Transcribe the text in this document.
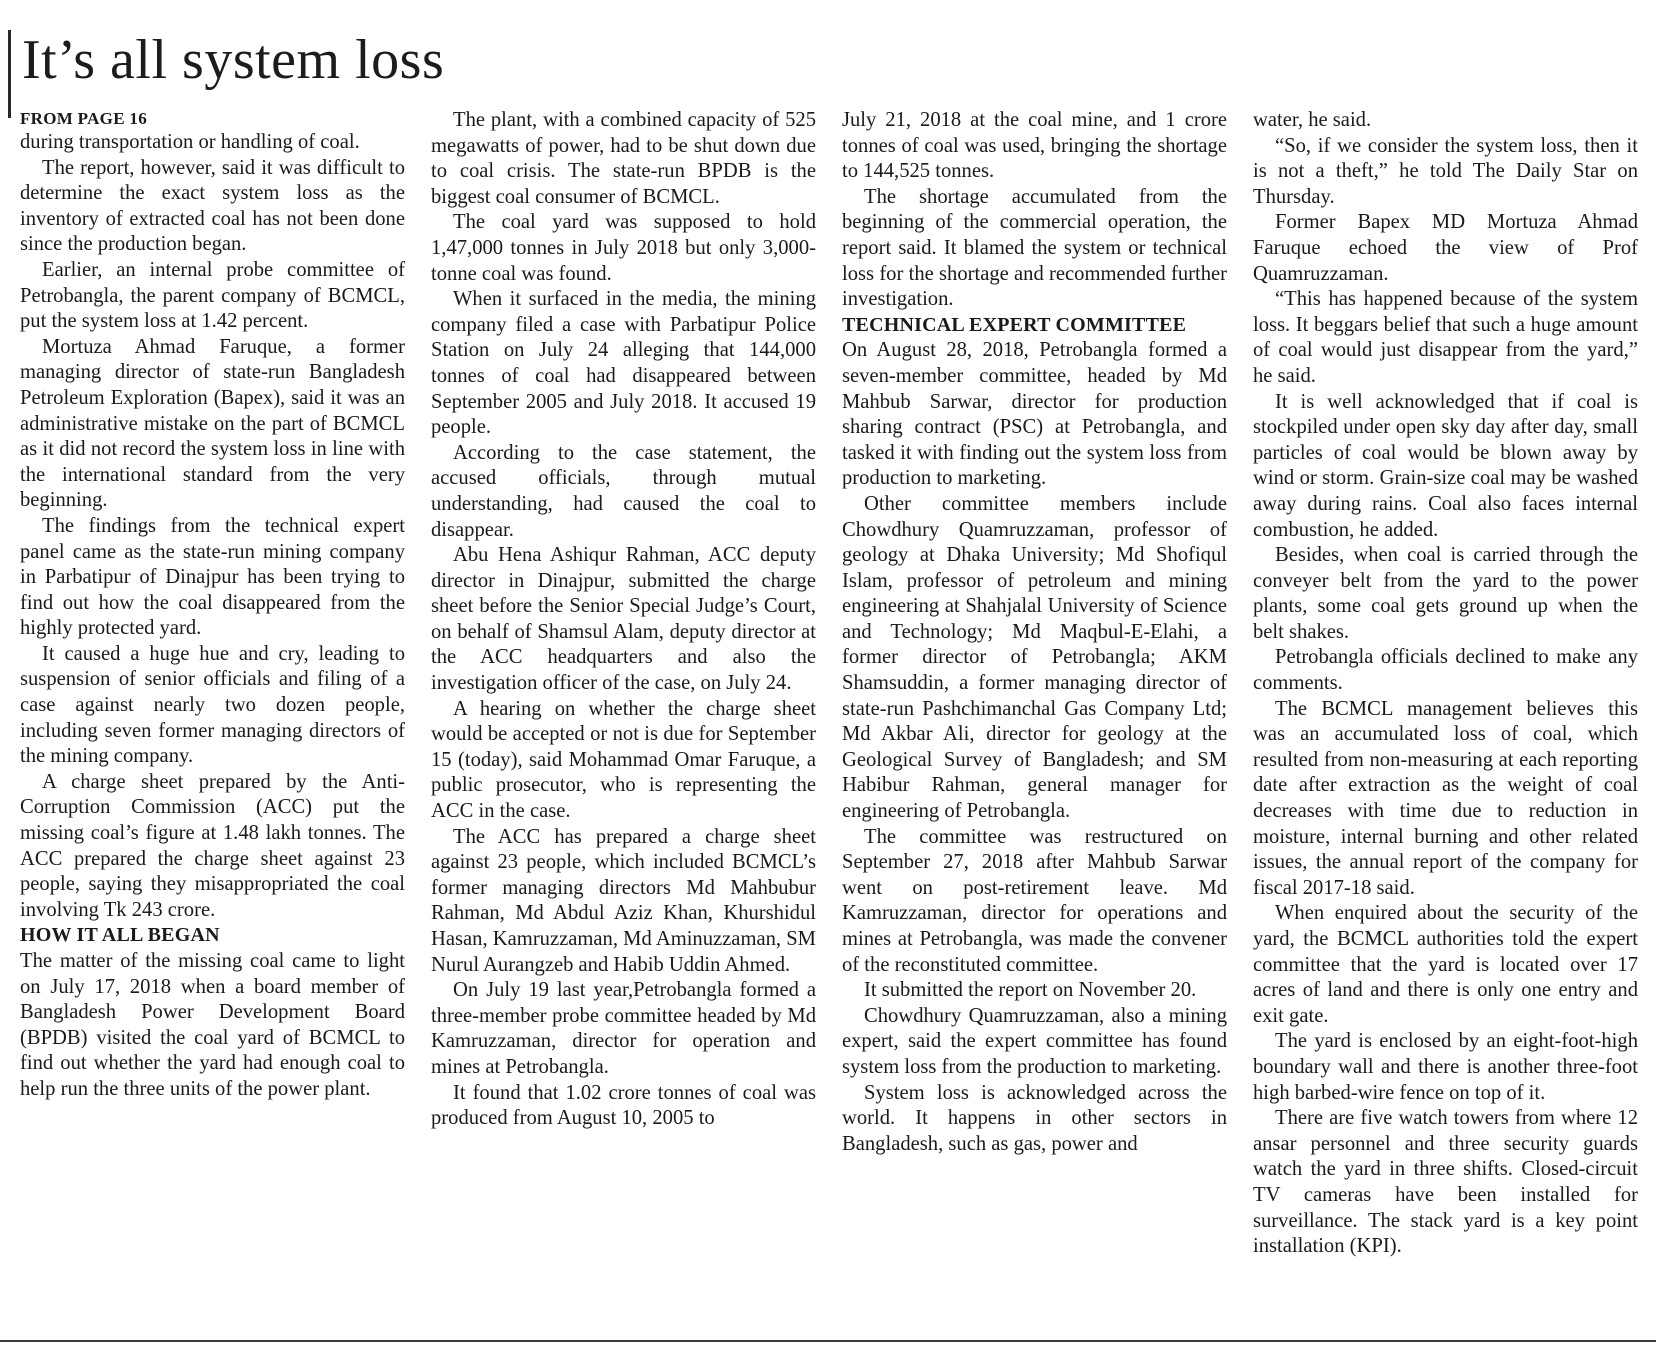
It’s all system loss
FROM PAGE 16

during transportation or handling of coal.

The report, however, said it was difficult to determine the exact system loss as the inventory of extracted coal has not been done since the production began.

Earlier, an internal probe committee of Petrobangla, the parent company of BCMCL, put the system loss at 1.42 percent.

Mortuza Ahmad Faruque, a former managing director of state-run Bangladesh Petroleum Exploration (Bapex), said it was an administrative mistake on the part of BCMCL as it did not record the system loss in line with the international standard from the very beginning.

The findings from the technical expert panel came as the state-run mining company in Parbatipur of Dinajpur has been trying to find out how the coal disappeared from the highly protected yard.

It caused a huge hue and cry, leading to suspension of senior officials and filing of a case against nearly two dozen people, including seven former managing directors of the mining company.

A charge sheet prepared by the Anti-Corruption Commission (ACC) put the missing coal’s figure at 1.48 lakh tonnes. The ACC prepared the charge sheet against 23 people, saying they misappropriated the coal involving Tk 243 crore.

HOW IT ALL BEGAN

The matter of the missing coal came to light on July 17, 2018 when a board member of Bangladesh Power Development Board (BPDB) visited the coal yard of BCMCL to find out whether the yard had enough coal to help run the three units of the power plant.

The plant, with a combined capacity of 525 megawatts of power, had to be shut down due to coal crisis. The state-run BPDB is the biggest coal consumer of BCMCL.

The coal yard was supposed to hold 1,47,000 tonnes in July 2018 but only 3,000-tonne coal was found.

When it surfaced in the media, the mining company filed a case with Parbatipur Police Station on July 24 alleging that 144,000 tonnes of coal had disappeared between September 2005 and July 2018. It accused 19 people.

According to the case statement, the accused officials, through mutual understanding, had caused the coal to disappear.

Abu Hena Ashiqur Rahman, ACC deputy director in Dinajpur, submitted the charge sheet before the Senior Special Judge’s Court, on behalf of Shamsul Alam, deputy director at the ACC headquarters and also the investigation officer of the case, on July 24.

A hearing on whether the charge sheet would be accepted or not is due for September 15 (today), said Mohammad Omar Faruque, a public prosecutor, who is representing the ACC in the case.

The ACC has prepared a charge sheet against 23 people, which included BCMCL’s former managing directors Md Mahbubur Rahman, Md Abdul Aziz Khan, Khurshidul Hasan, Kamruzzaman, Md Aminuzzaman, SM Nurul Aurangzeb and Habib Uddin Ahmed.

On July 19 last year,Petrobangla formed a three-member probe committee headed by Md Kamruzzaman, director for operation and mines at Petrobangla.

It found that 1.02 crore tonnes of coal was produced from August 10, 2005 to

July 21, 2018 at the coal mine, and 1 crore tonnes of coal was used, bringing the shortage to 144,525 tonnes.

The shortage accumulated from the beginning of the commercial operation, the report said. It blamed the system or technical loss for the shortage and recommended further investigation.

TECHNICAL EXPERT COMMITTEE

On August 28, 2018, Petrobangla formed a seven-member committee, headed by Md Mahbub Sarwar, director for production sharing contract (PSC) at Petrobangla, and tasked it with finding out the system loss from production to marketing.

Other committee members include Chowdhury Quamruzzaman, professor of geology at Dhaka University; Md Shofiqul Islam, professor of petroleum and mining engineering at Shahjalal University of Science and Technology; Md Maqbul-E-Elahi, a former director of Petrobangla; AKM Shamsuddin, a former managing director of state-run Pashchimanchal Gas Company Ltd; Md Akbar Ali, director for geology at the Geological Survey of Bangladesh; and SM Habibur Rahman, general manager for engineering of Petrobangla.

The committee was restructured on September 27, 2018 after Mahbub Sarwar went on post-retirement leave. Md Kamruzzaman, director for operations and mines at Petrobangla, was made the convener of the reconstituted committee.

It submitted the report on November 20.

Chowdhury Quamruzzaman, also a mining expert, said the expert committee has found system loss from the production to marketing.

System loss is acknowledged across the world. It happens in other sectors in Bangladesh, such as gas, power and

water, he said.

“So, if we consider the system loss, then it is not a theft,” he told The Daily Star on Thursday.

Former Bapex MD Mortuza Ahmad Faruque echoed the view of Prof Quamruzzaman.

“This has happened because of the system loss. It beggars belief that such a huge amount of coal would just disappear from the yard,” he said.

It is well acknowledged that if coal is stockpiled under open sky day after day, small particles of coal would be blown away by wind or storm. Grain-size coal may be washed away during rains. Coal also faces internal combustion, he added.

Besides, when coal is carried through the conveyer belt from the yard to the power plants, some coal gets ground up when the belt shakes.

Petrobangla officials declined to make any comments.

The BCMCL management believes this was an accumulated loss of coal, which resulted from non-measuring at each reporting date after extraction as the weight of coal decreases with time due to reduction in moisture, internal burning and other related issues, the annual report of the company for fiscal 2017-18 said.

When enquired about the security of the yard, the BCMCL authorities told the expert committee that the yard is located over 17 acres of land and there is only one entry and exit gate.

The yard is enclosed by an eight-foot-high boundary wall and there is another three-foot high barbed-wire fence on top of it.

There are five watch towers from where 12 ansar personnel and three security guards watch the yard in three shifts. Closed-circuit TV cameras have been installed for surveillance. The stack yard is a key point installation (KPI).
